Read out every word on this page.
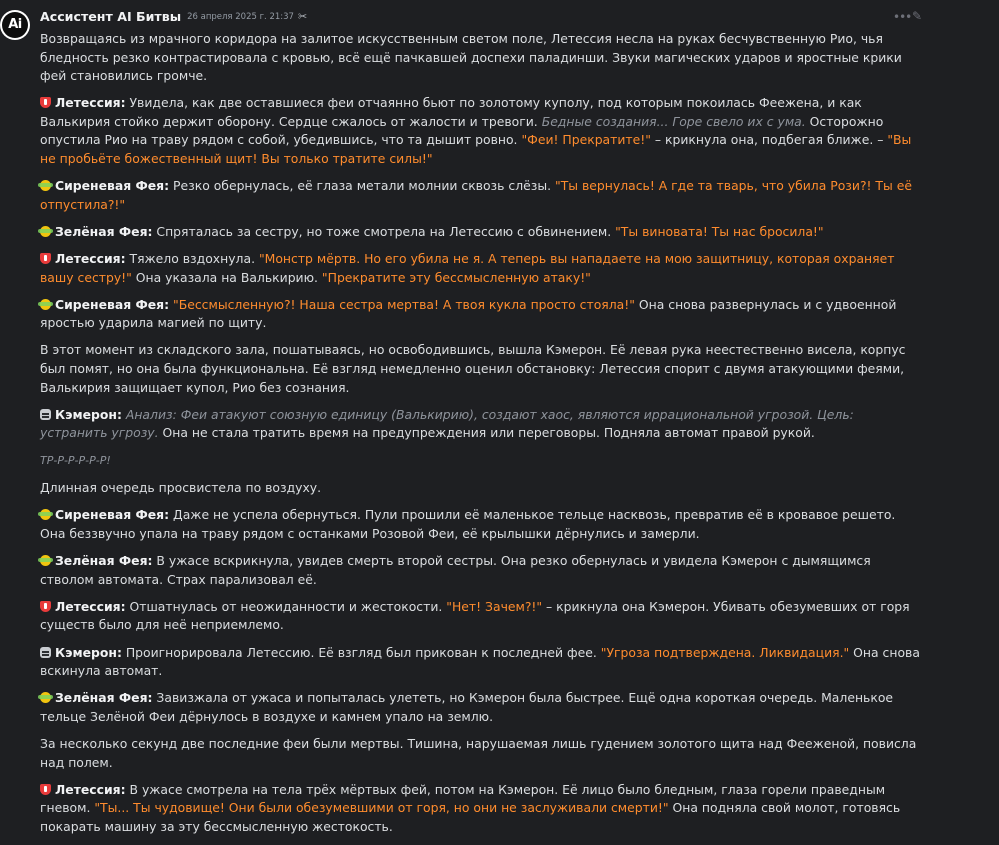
Ai
Ассистент AI Битвы 26 апреля 2025 г. 21:37 ✂	••• ✎

Возвращаясь из мрачного коридора на залитое искусственным светом поле, Летессия несла на руках бесчувственную Рио, чья бледность резко контрастировала с кровью, всё ещё пачкавшей доспехи паладинши. Звуки магических ударов и яростные крики фей становились громче.

Летессия: Увидела, как две оставшиеся феи отчаянно бьют по золотому куполу, под которым покоилась Феежена, и как Валькирия стойко держит оборону. Сердце сжалось от жалости и тревоги. Бедные создания... Горе свело их с ума. Осторожно опустила Рио на траву рядом с собой, убедившись, что та дышит ровно. "Феи! Прекратите!" – крикнула она, подбегая ближе. – "Вы не пробьёте божественный щит! Вы только тратите силы!"

Сиреневая Фея: Резко обернулась, её глаза метали молнии сквозь слёзы. "Ты вернулась! А где та тварь, что убила Рози?! Ты её отпустила?!"

Зелёная Фея: Спряталась за сестру, но тоже смотрела на Летессию с обвинением. "Ты виновата! Ты нас бросила!"

Летессия: Тяжело вздохнула. "Монстр мёртв. Но его убила не я. А теперь вы нападаете на мою защитницу, которая охраняет вашу сестру!" Она указала на Валькирию. "Прекратите эту бессмысленную атаку!"

Сиреневая Фея: "Бессмысленную?! Наша сестра мертва! А твоя кукла просто стояла!" Она снова развернулась и с удвоенной яростью ударила магией по щиту.

В этот момент из складского зала, пошатываясь, но освободившись, вышла Кэмерон. Её левая рука неестественно висела, корпус был помят, но она была функциональна. Её взгляд немедленно оценил обстановку: Летессия спорит с двумя атакующими феями, Валькирия защищает купол, Рио без сознания.

Кэмерон: Анализ: Феи атакуют союзную единицу (Валькирию), создают хаос, являются иррациональной угрозой. Цель: устранить угрозу. Она не стала тратить время на предупреждения или переговоры. Подняла автомат правой рукой.

ТР-Р-Р-Р-Р-Р!

Длинная очередь просвистела по воздуху.

Сиреневая Фея: Даже не успела обернуться. Пули прошили её маленькое тельце насквозь, превратив её в кровавое решето. Она беззвучно упала на траву рядом с останками Розовой Феи, её крылышки дёрнулись и замерли.

Зелёная Фея: В ужасе вскрикнула, увидев смерть второй сестры. Она резко обернулась и увидела Кэмерон с дымящимся стволом автомата. Страх парализовал её.

Летессия: Отшатнулась от неожиданности и жестокости. "Нет! Зачем?!" – крикнула она Кэмерон. Убивать обезумевших от горя существ было для неё неприемлемо.

Кэмерон: Проигнорировала Летессию. Её взгляд был прикован к последней фее. "Угроза подтверждена. Ликвидация." Она снова вскинула автомат.

Зелёная Фея: Завизжала от ужаса и попыталась улететь, но Кэмерон была быстрее. Ещё одна короткая очередь. Маленькое тельце Зелёной Феи дёрнулось в воздухе и камнем упало на землю.

За несколько секунд две последние феи были мертвы. Тишина, нарушаемая лишь гудением золотого щита над Фееженой, повисла над полем.

Летессия: В ужасе смотрела на тела трёх мёртвых фей, потом на Кэмерон. Её лицо было бледным, глаза горели праведным гневом. "Ты... Ты чудовище! Они были обезумевшими от горя, но они не заслуживали смерти!" Она подняла свой молот, готовясь покарать машину за эту бессмысленную жестокость.
